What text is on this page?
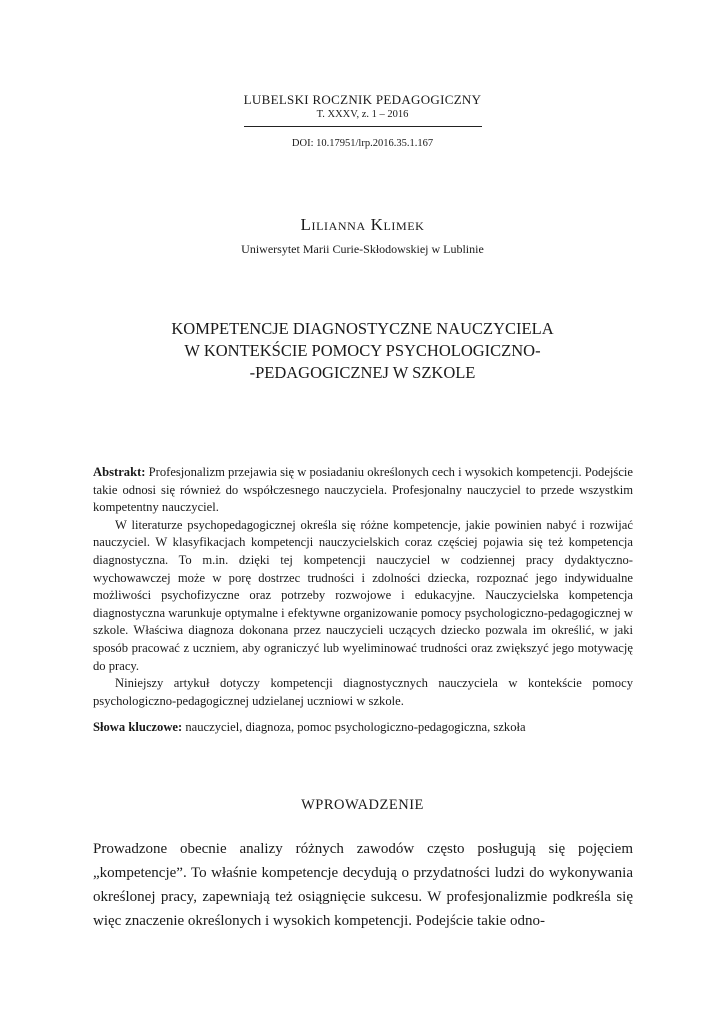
LUBELSKI ROCZNIK PEDAGOGICZNY
T. XXXV, z. 1 – 2016
DOI: 10.17951/lrp.2016.35.1.167
Lilianna Klimek
Uniwersytet Marii Curie-Skłodowskiej w Lublinie
KOMPETENCJE DIAGNOSTYCZNE NAUCZYCIELA
W KONTEKŚCIE POMOCY PSYCHOLOGICZNO-
-PEDAGOGICZNEJ W SZKOLE

Abstrakt: Profesjonalizm przejawia się w posiadaniu określonych cech i wysokich kompetencji. Podejście takie odnosi się również do współczesnego nauczyciela. Profesjonalny nauczyciel to przede wszystkim kompetentny nauczyciel.

W literaturze psychopedagogicznej określa się różne kompetencje, jakie powinien nabyć i rozwijać nauczyciel. W klasyfikacjach kompetencji nauczycielskich coraz częściej pojawia się też kompetencja diagnostyczna. To m.in. dzięki tej kompetencji nauczyciel w codziennej pracy dydaktyczno-wychowawczej może w porę dostrzec trudności i zdolności dziecka, rozpoznać jego indywidualne możliwości psychofizyczne oraz potrzeby rozwojowe i edukacyjne. Nauczycielska kompetencja diagnostyczna warunkuje optymalne i efektywne organizowanie pomocy psychologiczno-pedagogicznej w szkole. Właściwa diagnoza dokonana przez nauczycieli uczących dziecko pozwala im określić, w jaki sposób pracować z uczniem, aby ograniczyć lub wyeliminować trudności oraz zwiększyć jego motywację do pracy.

Niniejszy artykuł dotyczy kompetencji diagnostycznych nauczyciela w kontekście pomocy psychologiczno-pedagogicznej udzielanej uczniowi w szkole.

Słowa kluczowe: nauczyciel, diagnoza, pomoc psychologiczno-pedagogiczna, szkoła

WPROWADZENIE

Prowadzone obecnie analizy różnych zawodów często posługują się pojęciem „kompetencje”. To właśnie kompetencje decydują o przydatności ludzi do wykonywania określonej pracy, zapewniają też osiągnięcie sukcesu. W profesjonalizmie podkreśla się więc znaczenie określonych i wysokich kompetencji. Podejście takie odno-
